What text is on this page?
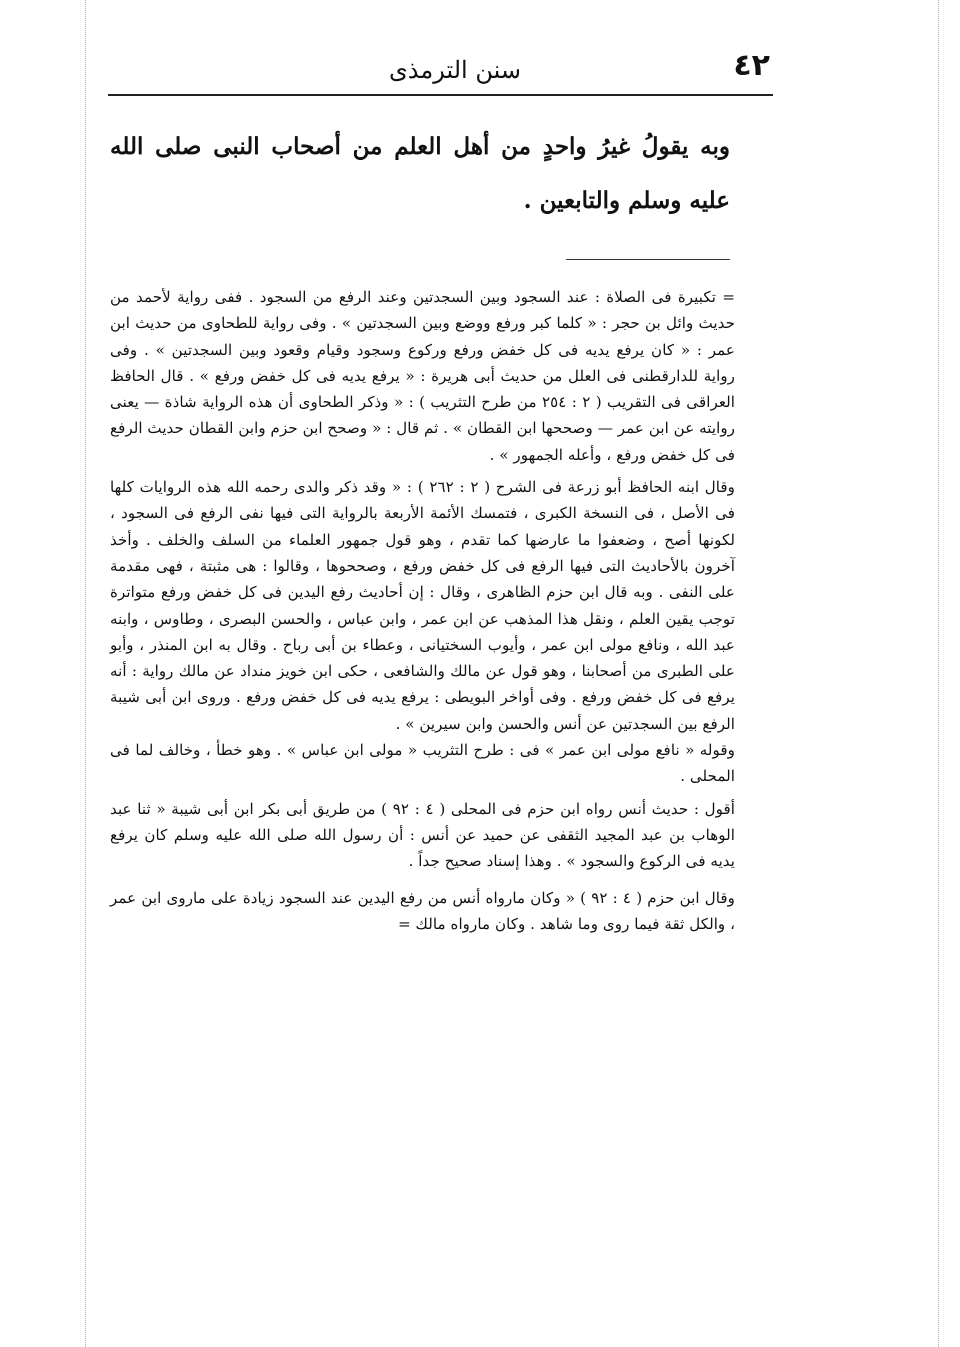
سنن الترمذى	٤٢

وبه يقولُ غيرُ واحدٍ من أهل العلم من أصحاب النبى صلى الله عليه وسلم والتابعين .

= تكبيرة فى الصلاة : عند السجود وبين السجدتين وعند الرفع من السجود . ففى رواية لأحمد من حديث وائل بن حجر : « كلما كبر ورفع ووضع وبين السجدتين » . وفى رواية للطحاوى من حديث ابن عمر : « كان يرفع يديه فى كل خفض ورفع وركوع وسجود وقيام وقعود وبين السجدتين » . وفى رواية للدارقطنى فى العلل من حديث أبى هريرة : « يرفع يديه فى كل خفض ورفع » . قال الحافظ العراقى فى التقريب ( ٢ : ٢٥٤ من طرح التثريب ) : « وذكر الطحاوى أن هذه الرواية شاذة — يعنى روايته عن ابن عمر — وصححها ابن القطان » . ثم قال : « وصحح ابن حزم وابن القطان حديث الرفع فى كل خفض ورفع ، وأعله الجمهور » .

وقال ابنه الحافظ أبو زرعة فى الشرح ( ٢ : ٢٦٢ ) : « وقد ذكر والدى رحمه الله هذه الروايات كلها فى الأصل ، فى النسخة الكبرى ، فتمسك الأئمة الأربعة بالرواية التى فيها نفى الرفع فى السجود ، لكونها أصح ، وضعفوا ما عارضها كما تقدم ، وهو قول جمهور العلماء من السلف والخلف . وأخذ آخرون بالأحاديث التى فيها الرفع فى كل خفض ورفع ، وصححوها ، وقالوا : هى مثبتة ، فهى مقدمة على النفى . وبه قال ابن حزم الظاهرى ، وقال : إن أحاديث رفع اليدين فى كل خفض ورفع متواترة توجب يقين العلم ، ونقل هذا المذهب عن ابن عمر ، وابن عباس ، والحسن البصرى ، وطاوس ، وابنه عبد الله ، ونافع مولى ابن عمر ، وأيوب السختيانى ، وعطاء بن أبى رباح . وقال به ابن المنذر ، وأبو على الطبرى من أصحابنا ، وهو قول عن مالك والشافعى ، حكى ابن خويز منداد عن مالك رواية : أنه يرفع فى كل خفض ورفع . وفى أواخر البويطى : يرفع يديه فى كل خفض ورفع . وروى ابن أبى شيبة الرفع بين السجدتين عن أنس والحسن وابن سيرين » .

وقوله « نافع مولى ابن عمر » فى : طرح التثريب « مولى ابن عباس » . وهو خطأ ، وخالف لما فى المحلى .

أقول : حديث أنس رواه ابن حزم فى المحلى ( ٤ : ٩٢ ) من طريق أبى بكر ابن أبى شيبة « ثنا عبد الوهاب بن عبد المجيد الثقفى عن حميد عن أنس : أن رسول الله صلى الله عليه وسلم كان يرفع يديه فى الركوع والسجود » . وهذا إسناد صحيح جداً .

وقال ابن حزم ( ٤ : ٩٢ ) « وكان مارواه أنس من رفع اليدين عند السجود زيادة على ماروى ابن عمر ، والكل ثقة فيما روى وما شاهد . وكان مارواه مالك =
